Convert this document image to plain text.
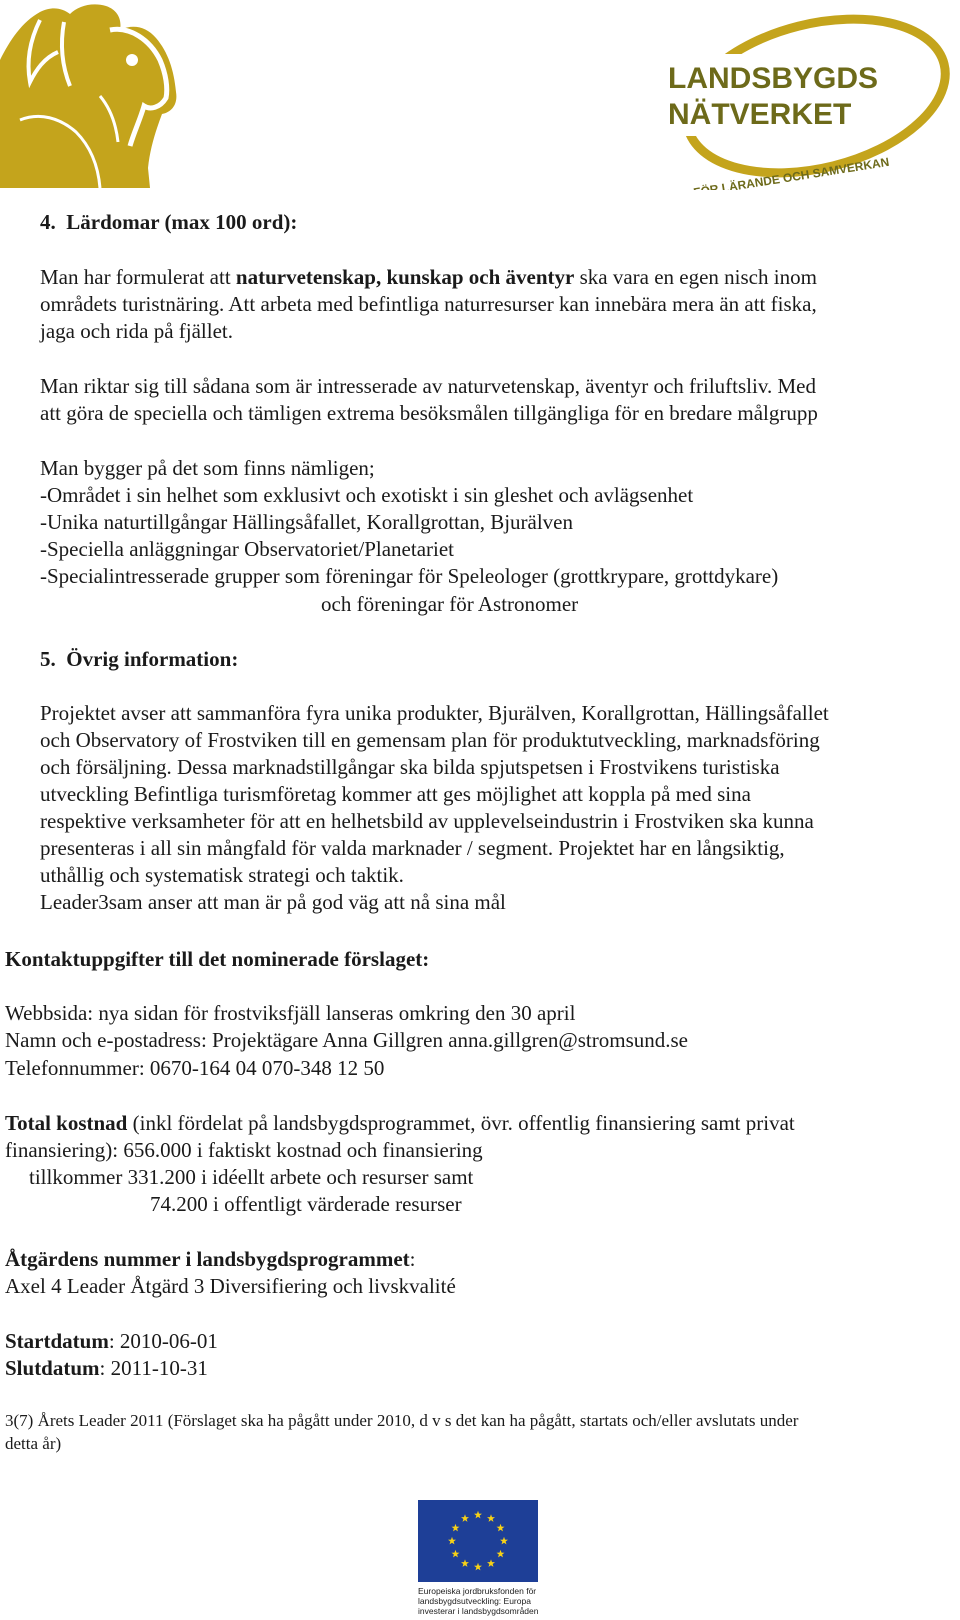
LANDSBYGDS
NÄTVERKET
FÖR LÄRANDE OCH SAMVERKAN
4. Lärdomar (max 100 ord):
Man har formulerat att naturvetenskap, kunskap och äventyr ska vara en egen nisch inom
områdets turistnäring. Att arbeta med befintliga naturresurser kan innebära mera än att fiska,
jaga och rida på fjället.
Man riktar sig till sådana som är intresserade av naturvetenskap, äventyr och friluftsliv. Med
att göra de speciella och tämligen extrema besöksmålen tillgängliga för en bredare målgrupp
Man bygger på det som finns nämligen;
-Området i sin helhet som exklusivt och exotiskt i sin gleshet och avlägsenhet
-Unika naturtillgångar Hällingsåfallet, Korallgrottan, Bjurälven
-Speciella anläggningar Observatoriet/Planetariet
-Specialintresserade grupper som föreningar för Speleologer (grottkrypare, grottdykare)
och föreningar för Astronomer
5. Övrig information:
Projektet avser att sammanföra fyra unika produkter, Bjurälven, Korallgrottan, Hällingsåfallet
och Observatory of Frostviken till en gemensam plan för produktutveckling, marknadsföring
och försäljning. Dessa marknadstillgångar ska bilda spjutspetsen i Frostvikens turistiska
utveckling Befintliga turismföretag kommer att ges möjlighet att koppla på med sina
respektive verksamheter för att en helhetsbild av upplevelseindustrin i Frostviken ska kunna
presenteras i all sin mångfald för valda marknader / segment. Projektet har en långsiktig,
uthållig och systematisk strategi och taktik.
Leader3sam anser att man är på god väg att nå sina mål
Kontaktuppgifter till det nominerade förslaget:
Webbsida: nya sidan för frostviksfjäll lanseras omkring den 30 april
Namn och e-postadress: Projektägare Anna Gillgren anna.gillgren@stromsund.se
Telefonnummer: 0670-164 04 070-348 12 50
Total kostnad (inkl fördelat på landsbygdsprogrammet, övr. offentlig finansiering samt privat
finansiering): 656.000 i faktiskt kostnad och finansiering
tillkommer 331.200 i idéellt arbete och resurser samt
74.200 i offentligt värderade resurser
Åtgärdens nummer i landsbygdsprogrammet:
Axel 4 Leader Åtgärd 3 Diversifiering och livskvalité
Startdatum: 2010-06-01
Slutdatum: 2011-10-31
3(7) Årets Leader 2011 (Förslaget ska ha pågått under 2010, d v s det kan ha pågått, startats och/eller avslutats under
detta år)
Europeiska jordbruksfonden för
landsbygdsutveckling: Europa
investerar i landsbygdsområden
